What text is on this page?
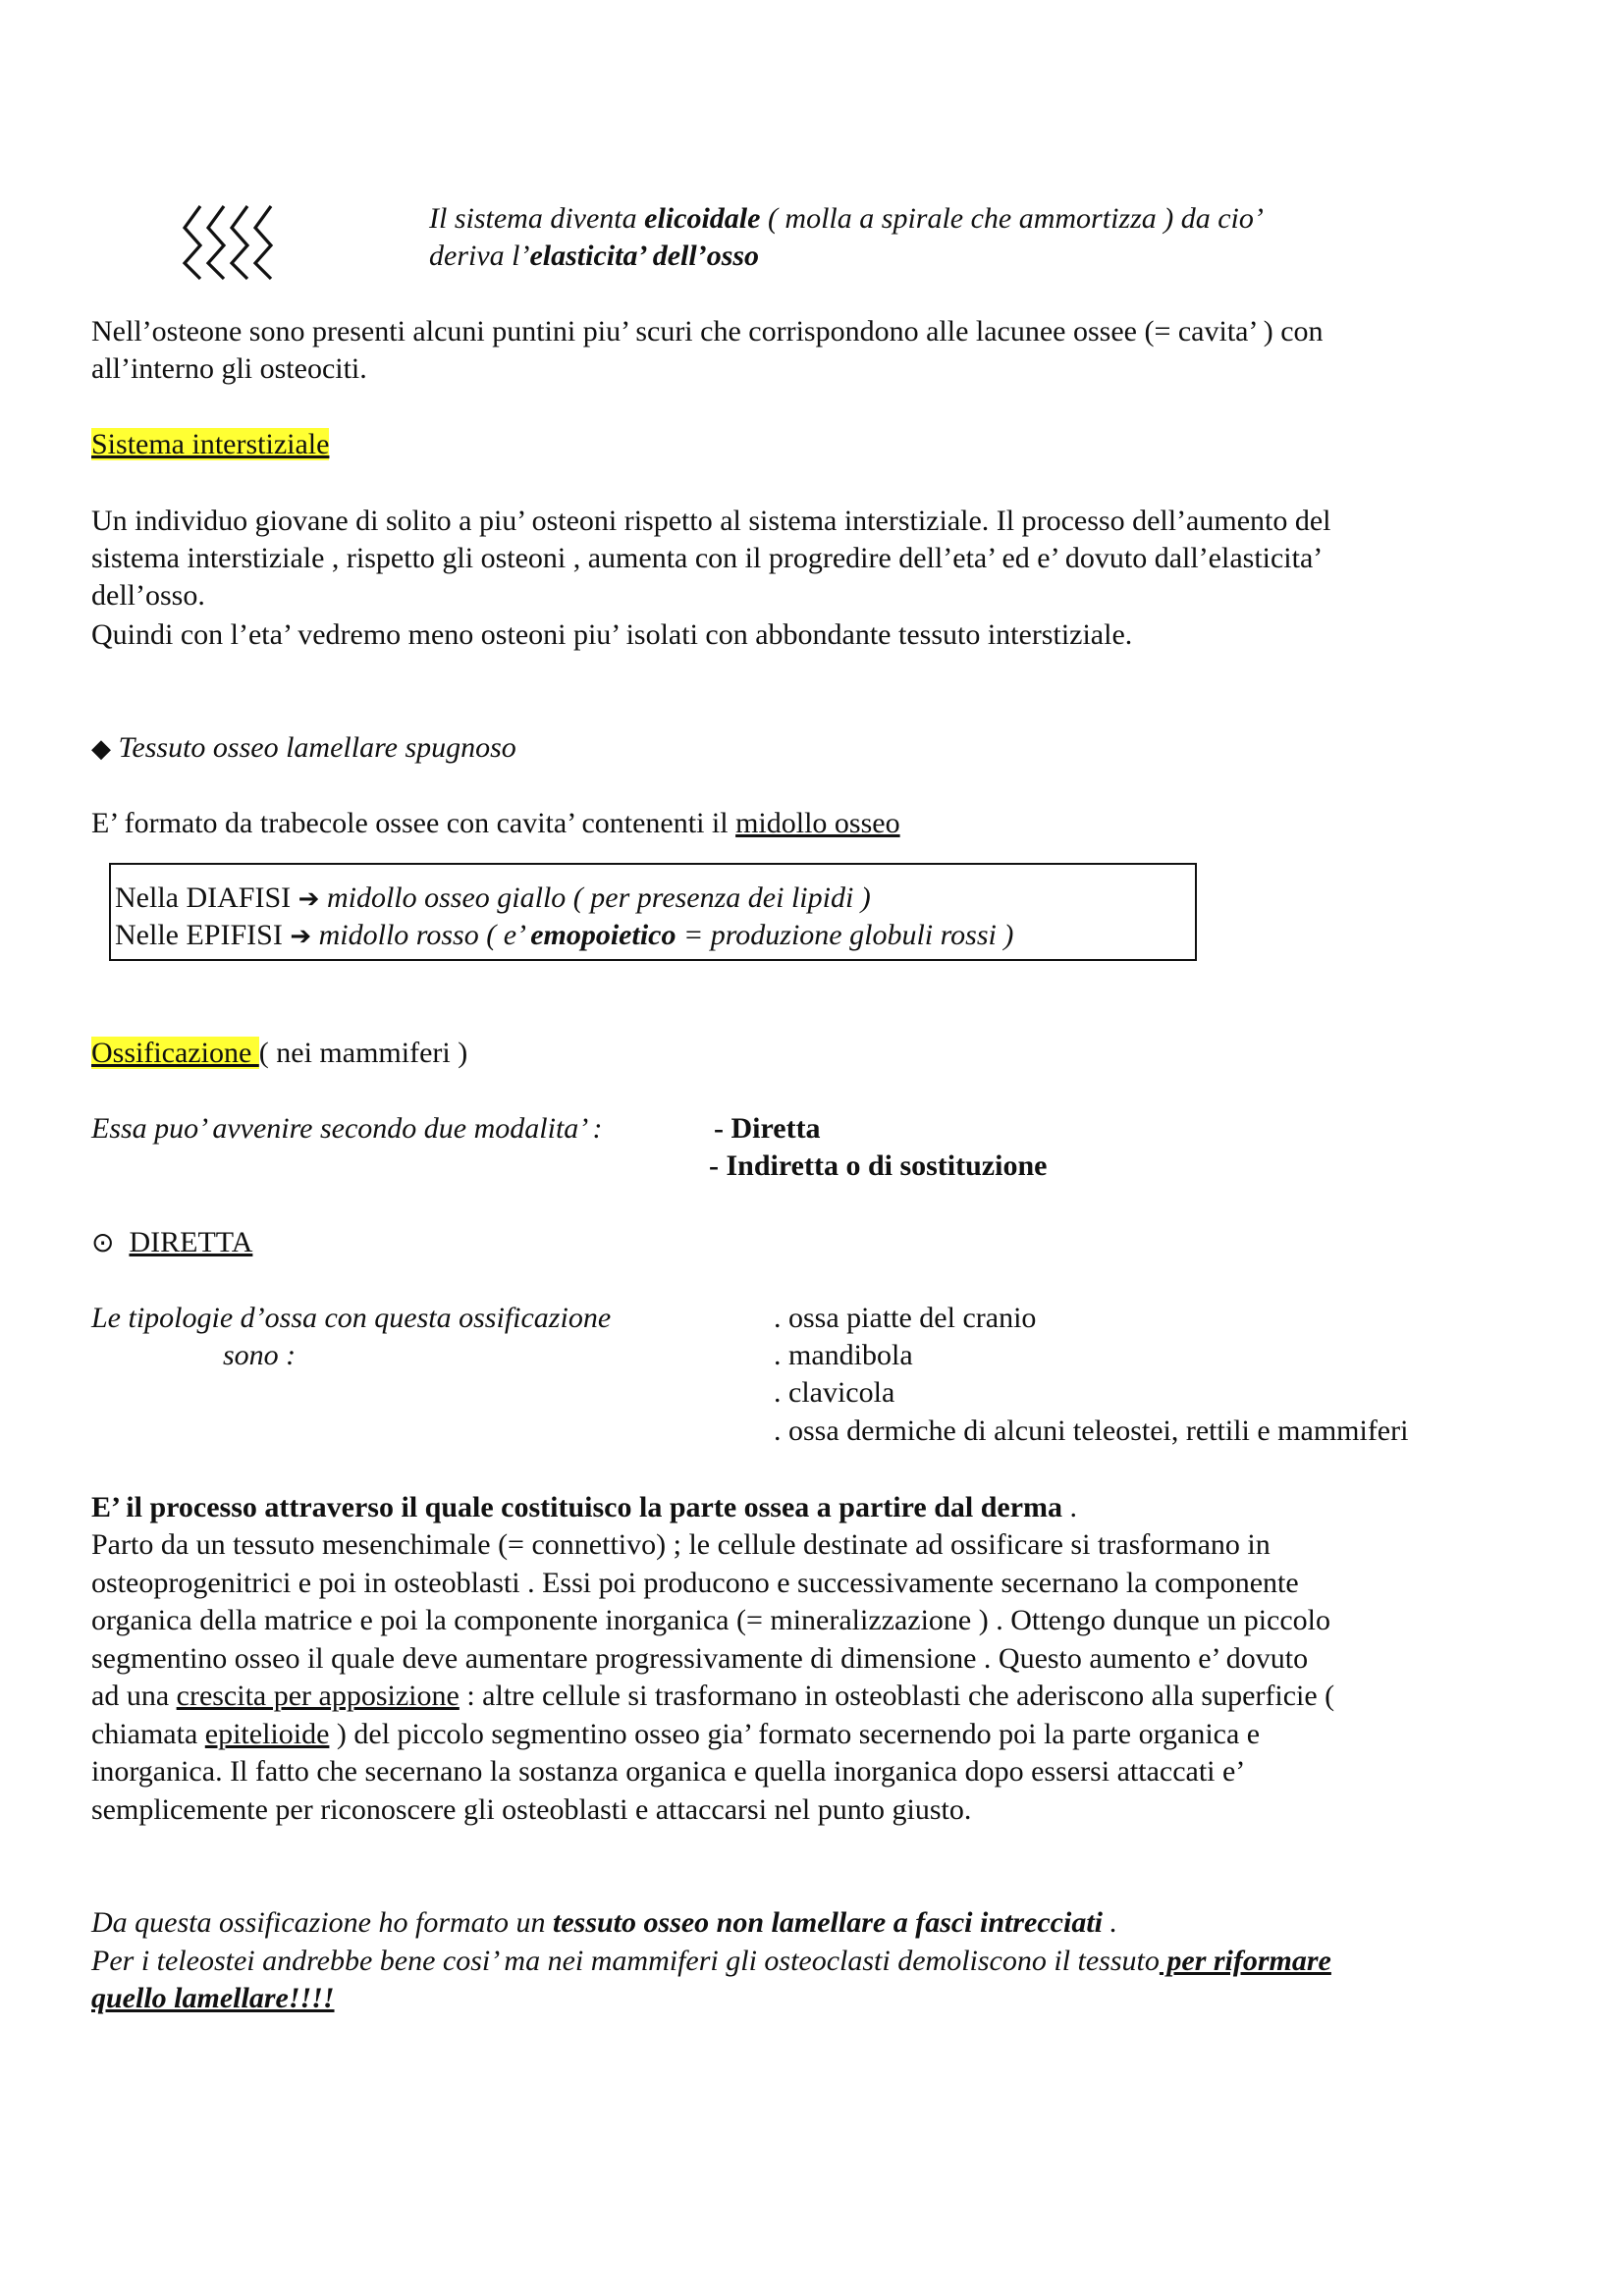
Il sistema diventa elicoidale ( molla a spirale che ammortizza ) da cio’
deriva l’elasticita’ dell’osso
Nell’osteone sono presenti alcuni puntini piu’ scuri che corrispondono alle lacunee ossee (= cavita’ ) con
all’interno gli osteociti.
Sistema interstiziale
Un individuo giovane di solito a piu’ osteoni rispetto al sistema interstiziale. Il processo dell’aumento del
sistema interstiziale , rispetto gli osteoni , aumenta con il progredire dell’eta’ ed e’ dovuto dall’elasticita’
dell’osso.
Quindi con l’eta’ vedremo meno osteoni piu’ isolati con abbondante tessuto interstiziale.
◆ Tessuto osseo lamellare spugnoso
E’ formato da trabecole ossee con cavita’ contenenti il midollo osseo
Nella DIAFISI ➔ midollo osseo giallo ( per presenza dei lipidi )
Nelle EPIFISI ➔ midollo rosso ( e’ emopoietico = produzione globuli rossi )
Ossificazione ( nei mammiferi )
Essa puo’ avvenire secondo due modalita’ :	- Diretta
- Indiretta o di sostituzione
⊙ DIRETTA
Le tipologie d’ossa con questa ossificazione
sono :
. ossa piatte del cranio
. mandibola
. clavicola
. ossa dermiche di alcuni teleostei, rettili e mammiferi
E’ il processo attraverso il quale costituisco la parte ossea a partire dal derma .
Parto da un tessuto mesenchimale (= connettivo) ; le cellule destinate ad ossificare si trasformano in
osteoprogenitrici e poi in osteoblasti . Essi poi producono e successivamente secernano la componente
organica della matrice e poi la componente inorganica (= mineralizzazione ) . Ottengo dunque un piccolo
segmentino osseo il quale deve aumentare progressivamente di dimensione . Questo aumento e’ dovuto
ad una crescita per apposizione : altre cellule si trasformano in osteoblasti che aderiscono alla superficie (
chiamata epitelioide ) del piccolo segmentino osseo gia’ formato secernendo poi la parte organica e
inorganica. Il fatto che secernano la sostanza organica e quella inorganica dopo essersi attaccati e’
semplicemente per riconoscere gli osteoblasti e attaccarsi nel punto giusto.
Da questa ossificazione ho formato un tessuto osseo non lamellare a fasci intrecciati .
Per i teleostei andrebbe bene cosi’ ma nei mammiferi gli osteoclasti demoliscono il tessuto per riformare
quello lamellare!!!!
